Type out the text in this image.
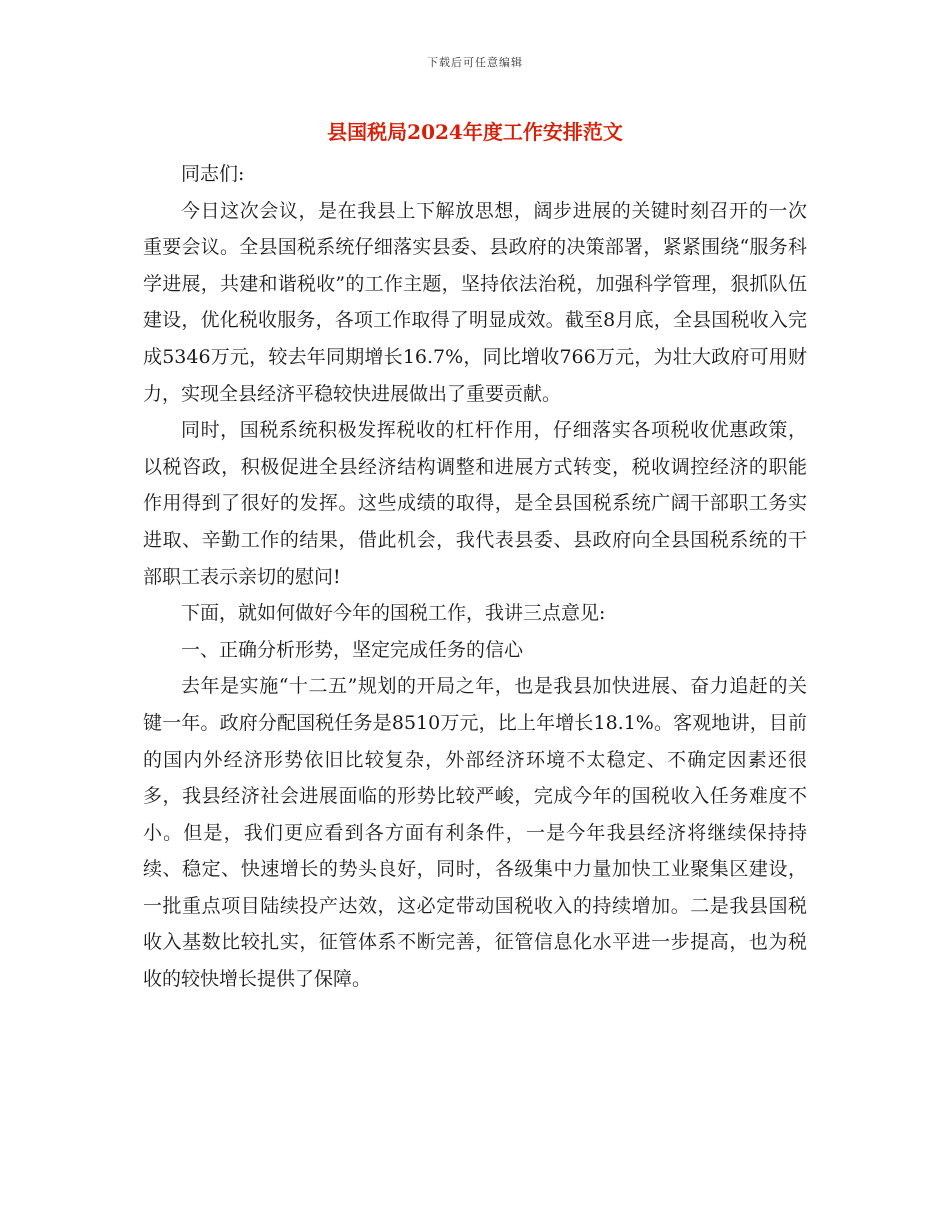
下载后可任意编辑
县国税局2024年度工作安排范文

同志们:

今日这次会议，是在我县上下解放思想，阔步进展的关键时刻召开的一次重要会议。全县国税系统仔细落实县委、县政府的决策部署，紧紧围绕“服务科学进展，共建和谐税收”的工作主题，坚持依法治税，加强科学管理，狠抓队伍建设，优化税收服务，各项工作取得了明显成效。截至8月底，全县国税收入完成5346万元，较去年同期增长16.7%，同比增收766万元，为壮大政府可用财力，实现全县经济平稳较快进展做出了重要贡献。

同时，国税系统积极发挥税收的杠杆作用，仔细落实各项税收优惠政策，以税咨政，积极促进全县经济结构调整和进展方式转变，税收调控经济的职能作用得到了很好的发挥。这些成绩的取得，是全县国税系统广阔干部职工务实进取、辛勤工作的结果，借此机会，我代表县委、县政府向全县国税系统的干部职工表示亲切的慰问!

下面，就如何做好今年的国税工作，我讲三点意见:

一、正确分析形势，坚定完成任务的信心

去年是实施“十二五”规划的开局之年，也是我县加快进展、奋力追赶的关键一年。政府分配国税任务是8510万元，比上年增长18.1%。客观地讲，目前的国内外经济形势依旧比较复杂，外部经济环境不太稳定、不确定因素还很多，我县经济社会进展面临的形势比较严峻，完成今年的国税收入任务难度不小。但是，我们更应看到各方面有利条件，一是今年我县经济将继续保持持续、稳定、快速增长的势头良好，同时，各级集中力量加快工业聚集区建设，一批重点项目陆续投产达效，这必定带动国税收入的持续增加。二是我县国税收入基数比较扎实，征管体系不断完善，征管信息化水平进一步提高，也为税收的较快增长提供了保障。
